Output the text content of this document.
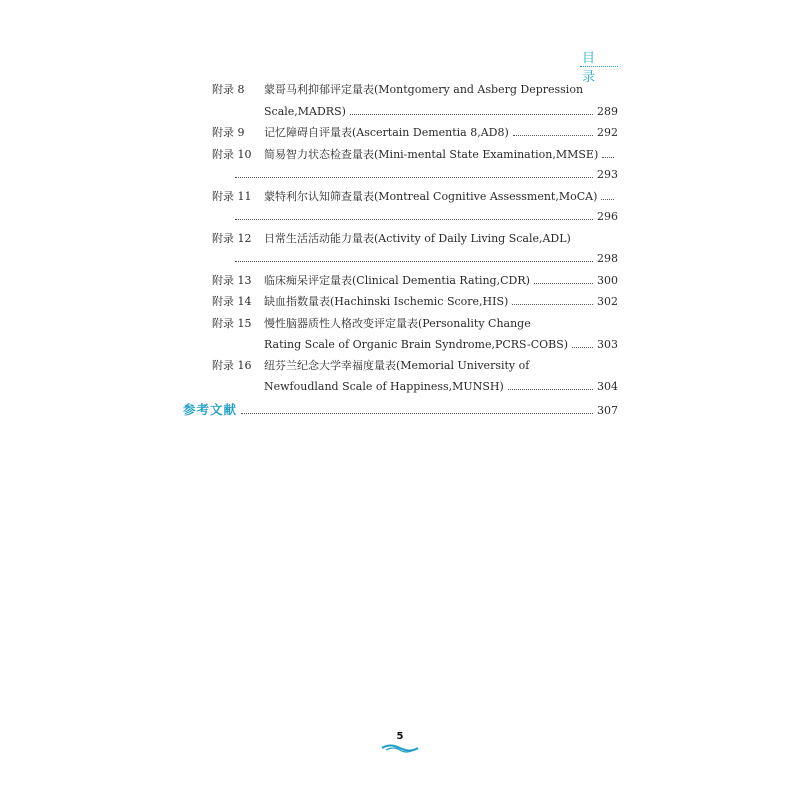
目 录
附录 8	蒙哥马利抑郁评定量表(Montgomery and Asberg Depression
Scale,MADRS)	289
附录 9	记忆障碍自评量表(Ascertain Dementia 8,AD8)	292
附录 10	简易智力状态检查量表(Mini-mental State Examination,MMSE)
293
附录 11	蒙特利尔认知筛查量表(Montreal Cognitive Assessment,MoCA)
296
附录 12	日常生活活动能力量表(Activity of Daily Living Scale,ADL)
298
附录 13	临床痴呆评定量表(Clinical Dementia Rating,CDR)	300
附录 14	缺血指数量表(Hachinski Ischemic Score,HIS)	302
附录 15	慢性脑器质性人格改变评定量表(Personality Change
Rating Scale of Organic Brain Syndrome,PCRS-COBS)	303
附录 16	纽芬兰纪念大学幸福度量表(Memorial University of
Newfoudland Scale of Happiness,MUNSH)	304
参考文献	307
5
